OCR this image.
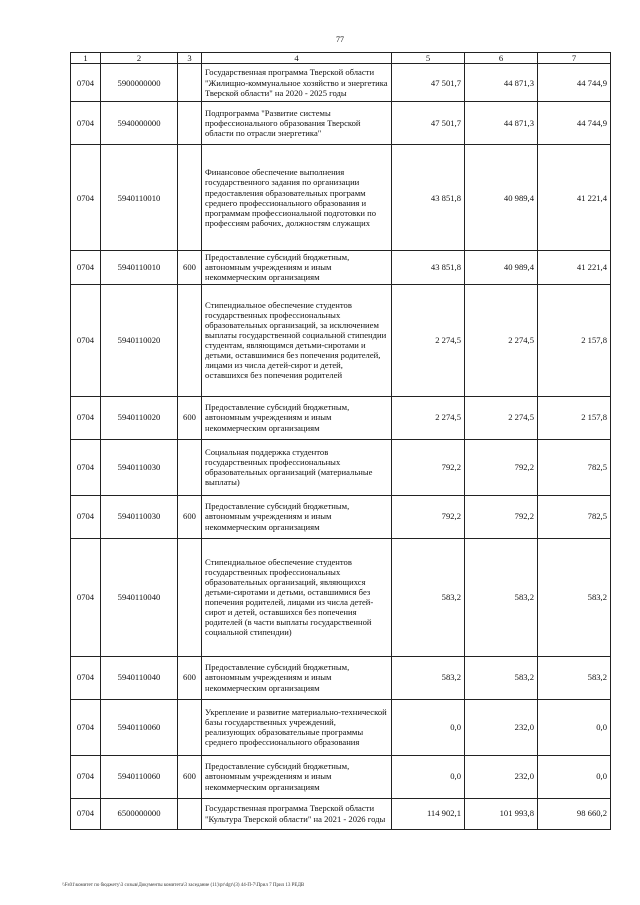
77
1	2	3	4	5	6	7
0704	5900000000		Государственная программа Тверской области "Жилищно-коммунальное хозяйство и энергетика Тверской области" на 2020 - 2025 годы	47 501,7	44 871,3	44 744,9
0704	5940000000		Подпрограмма "Развитие системы профессионального образования Тверской области по отрасли энергетика"	47 501,7	44 871,3	44 744,9
0704	5940110010		Финансовое обеспечение выполнения государственного задания по организации предоставления образовательных программ среднего профессионального образования и программам профессиональной подготовки по профессиям рабочих, должностям служащих	43 851,8	40 989,4	41 221,4
0704	5940110010	600	Предоставление субсидий бюджетным, автономным учреждениям и иным некоммерческим организациям	43 851,8	40 989,4	41 221,4
0704	5940110020		Стипендиальное обеспечение студентов государственных профессиональных образовательных организаций, за исключением выплаты государственной социальной стипендии студентам, являющимся детьми-сиротами и детьми, оставшимися без попечения родителей, лицами из числа детей-сирот и детей, оставшихся без попечения родителей	2 274,5	2 274,5	2 157,8
0704	5940110020	600	Предоставление субсидий бюджетным, автономным учреждениям и иным некоммерческим организациям	2 274,5	2 274,5	2 157,8
0704	5940110030		Социальная поддержка студентов государственных профессиональных образовательных организаций (материальные выплаты)	792,2	792,2	782,5
0704	5940110030	600	Предоставление субсидий бюджетным, автономным учреждениям и иным некоммерческим организациям	792,2	792,2	782,5
0704	5940110040		Стипендиальное обеспечение студентов государственных профессиональных образовательных организаций, являющихся детьми-сиротами и детьми, оставшимися без попечения родителей, лицами из числа детей-сирот и детей, оставшихся без попечения родителей (в части выплаты государственной социальной стипендии)	583,2	583,2	583,2
0704	5940110040	600	Предоставление субсидий бюджетным, автономным учреждениям и иным некоммерческим организациям	583,2	583,2	583,2
0704	5940110060		Укрепление и развитие материально-технической базы государственных учреждений, реализующих образовательные программы среднего профессионального образования	0,0	232,0	0,0
0704	5940110060	600	Предоставление субсидий бюджетным, автономным учреждениям и иным некоммерческим организациям	0,0	232,0	0,0
0704	6500000000		Государственная программа Тверской области "Культура Тверской области" на 2021 - 2026 годы	114 902,1	101 993,8	98 660,2
\\Fs01\комитет по бюджету\3 созыв\Документы комитета\3 заседание (11)\pr\dgr\(3) 44-П-7\Прил 7 Прил 13 РЕДВ
